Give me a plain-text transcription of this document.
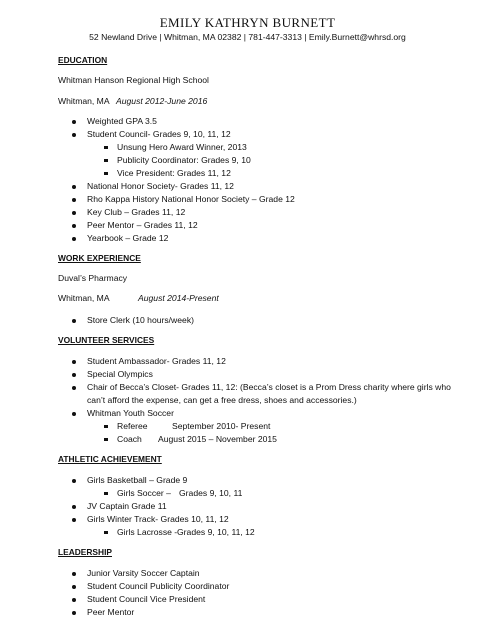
EMILY KATHRYN BURNETT
52 Newland Drive | Whitman, MA 02382 | 781-447-3313 | Emily.Burnett@whrsd.org
EDUCATION
Whitman Hanson Regional High School
Whitman, MA August 2012-June 2016
Weighted GPA 3.5
Student Council- Grades 9, 10, 11, 12
Unsung Hero Award Winner, 2013
Publicity Coordinator: Grades 9, 10
Vice President: Grades 11, 12
National Honor Society- Grades 11, 12
Rho Kappa History National Honor Society – Grade 12
Key Club – Grades 11, 12
Peer Mentor – Grades 11, 12
Yearbook – Grade 12
WORK EXPERIENCE
Duval’s Pharmacy
Whitman, MA	August 2014-Present
Store Clerk (10 hours/week)
VOLUNTEER SERVICES
Student Ambassador- Grades 11, 12
Special Olympics
Chair of Becca’s Closet- Grades 11, 12: (Becca’s closet is a Prom Dress charity where girls who
can’t afford the expense, can get a free dress, shoes and accessories.)
Whitman Youth Soccer
Referee	September 2010- Present
Coach August 2015 – November 2015
ATHLETIC ACHIEVEMENT
Girls Basketball – Grade 9
Girls Soccer – Grades 9, 10, 11
JV Captain Grade 11
Girls Winter Track- Grades 10, 11, 12
Girls Lacrosse - Grades 9, 10, 11, 12
LEADERSHIP
Junior Varsity Soccer Captain
Student Council Publicity Coordinator
Student Council Vice President
Peer Mentor
